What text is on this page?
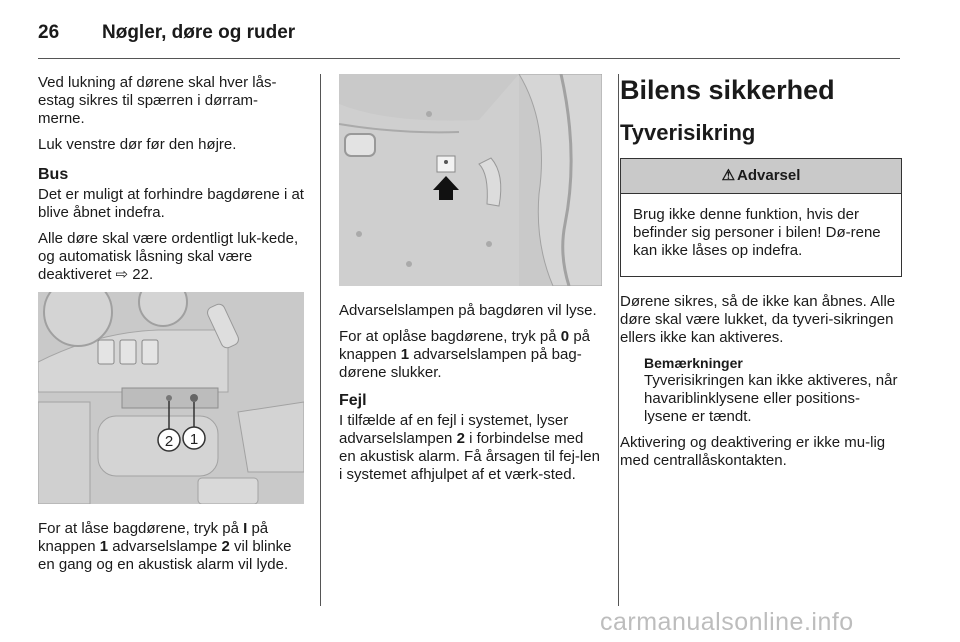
26 Nøgler, døre og ruder

Ved lukning af dørene skal hver lås-estag sikres til spærren i dørram-merne.

Luk venstre dør før den højre.

Bus

Det er muligt at forhindre bagdørene i at blive åbnet indefra.

Alle døre skal være ordentligt luk-kede, og automatisk låsning skal være deaktiveret ⇨ 22.

2 1

For at låse bagdørene, tryk på I på knappen 1 advarselslampe 2 vil blinke en gang og en akustisk alarm vil lyde.

Advarselslampen på bagdøren vil lyse.

For at oplåse bagdørene, tryk på 0 på knappen 1 advarselslampen på bag-dørene slukker.

Fejl

I tilfælde af en fejl i systemet, lyser advarselslampen 2 i forbindelse med en akustisk alarm. Få årsagen til fej-len i systemet afhjulpet af et værk-sted.

Bilens sikkerhed
Tyverisikring
⚠ Advarsel

Brug ikke denne funktion, hvis der befinder sig personer i bilen! Dø-rene kan ikke låses op indefra.

Dørene sikres, så de ikke kan åbnes. Alle døre skal være lukket, da tyveri-sikringen ellers ikke kan aktiveres.

Bemærkninger

Tyverisikringen kan ikke aktiveres, når havariblinklysene eller positions-lysene er tændt.

Aktivering og deaktivering er ikke mu-lig med centrallåskontakten.

carmanualsonline.info
